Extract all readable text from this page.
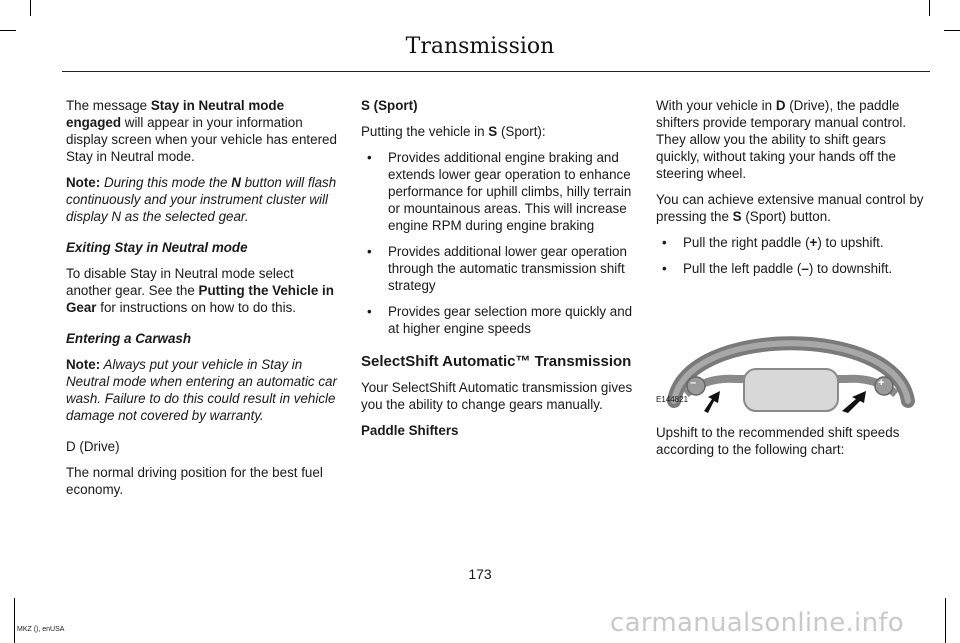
Transmission

The message Stay in Neutral mode engaged will appear in your information display screen when your vehicle has entered Stay in Neutral mode.

Note: During this mode the N button will flash continuously and your instrument cluster will display N as the selected gear.

Exiting Stay in Neutral mode

To disable Stay in Neutral mode select another gear. See the Putting the Vehicle in Gear for instructions on how to do this.

Entering a Carwash

Note: Always put your vehicle in Stay in Neutral mode when entering an automatic car wash. Failure to do this could result in vehicle damage not covered by warranty.

D (Drive)

The normal driving position for the best fuel economy.

S (Sport)

Putting the vehicle in S (Sport):

• Provides additional engine braking and extends lower gear operation to enhance performance for uphill climbs, hilly terrain or mountainous areas. This will increase engine RPM during engine braking
• Provides additional lower gear operation through the automatic transmission shift strategy
• Provides gear selection more quickly and at higher engine speeds

SelectShift Automatic™ Transmission

Your SelectShift Automatic transmission gives you the ability to change gears manually.

Paddle Shifters

With your vehicle in D (Drive), the paddle shifters provide temporary manual control. They allow you the ability to shift gears quickly, without taking your hands off the steering wheel.

You can achieve extensive manual control by pressing the S (Sport) button.

• Pull the right paddle (+) to upshift.
• Pull the left paddle (–) to downshift.
–	+
E144821

Upshift to the recommended shift speeds according to the following chart:

173
MKZ (), enUSA	carmanualsonline.info
